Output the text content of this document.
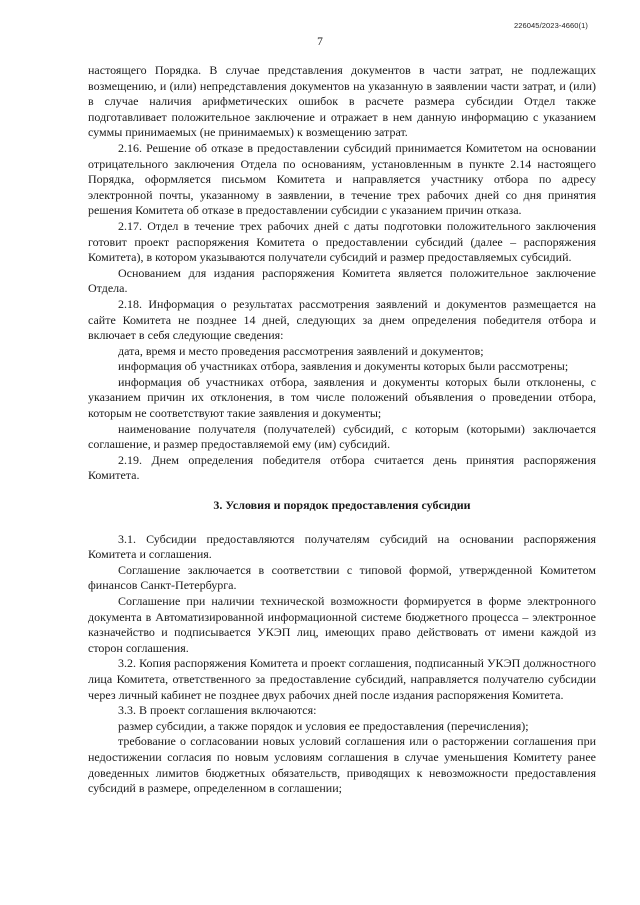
226045/2023-4660(1)
7

настоящего Порядка. В случае представления документов в части затрат, не подлежащих возмещению, и (или) непредставления документов на указанную в заявлении части затрат, и (или) в случае наличия арифметических ошибок в расчете размера субсидии Отдел также подготавливает положительное заключение и отражает в нем данную информацию с указанием суммы принимаемых (не принимаемых) к возмещению затрат.

2.16. Решение об отказе в предоставлении субсидий принимается Комитетом на основании отрицательного заключения Отдела по основаниям, установленным в пункте 2.14 настоящего Порядка, оформляется письмом Комитета и направляется участнику отбора по адресу электронной почты, указанному в заявлении, в течение трех рабочих дней со дня принятия решения Комитета об отказе в предоставлении субсидии с указанием причин отказа.

2.17. Отдел в течение трех рабочих дней с даты подготовки положительного заключения готовит проект распоряжения Комитета о предоставлении субсидий (далее – распоряжения Комитета), в котором указываются получатели субсидий и размер предоставляемых субсидий.

Основанием для издания распоряжения Комитета является положительное заключение Отдела.

2.18. Информация о результатах рассмотрения заявлений и документов размещается на сайте Комитета не позднее 14 дней, следующих за днем определения победителя отбора и включает в себя следующие сведения:

дата, время и место проведения рассмотрения заявлений и документов;

информация об участниках отбора, заявления и документы которых были рассмотрены;

информация об участниках отбора, заявления и документы которых были отклонены, с указанием причин их отклонения, в том числе положений объявления о проведении отбора, которым не соответствуют такие заявления и документы;

наименование получателя (получателей) субсидий, с которым (которыми) заключается соглашение, и размер предоставляемой ему (им) субсидий.

2.19. Днем определения победителя отбора считается день принятия распоряжения Комитета.

3. Условия и порядок предоставления субсидии

3.1. Субсидии предоставляются получателям субсидий на основании распоряжения Комитета и соглашения.

Соглашение заключается в соответствии с типовой формой, утвержденной Комитетом финансов Санкт-Петербурга.

Соглашение при наличии технической возможности формируется в форме электронного документа в Автоматизированной информационной системе бюджетного процесса – электронное казначейство и подписывается УКЭП лиц, имеющих право действовать от имени каждой из сторон соглашения.

3.2. Копия распоряжения Комитета и проект соглашения, подписанный УКЭП должностного лица Комитета, ответственного за предоставление субсидий, направляется получателю субсидии через личный кабинет не позднее двух рабочих дней после издания распоряжения Комитета.

3.3. В проект соглашения включаются:

размер субсидии, а также порядок и условия ее предоставления (перечисления);

требование о согласовании новых условий соглашения или о расторжении соглашения при недостижении согласия по новым условиям соглашения в случае уменьшения Комитету ранее доведенных лимитов бюджетных обязательств, приводящих к невозможности предоставления субсидий в размере, определенном в соглашении;
